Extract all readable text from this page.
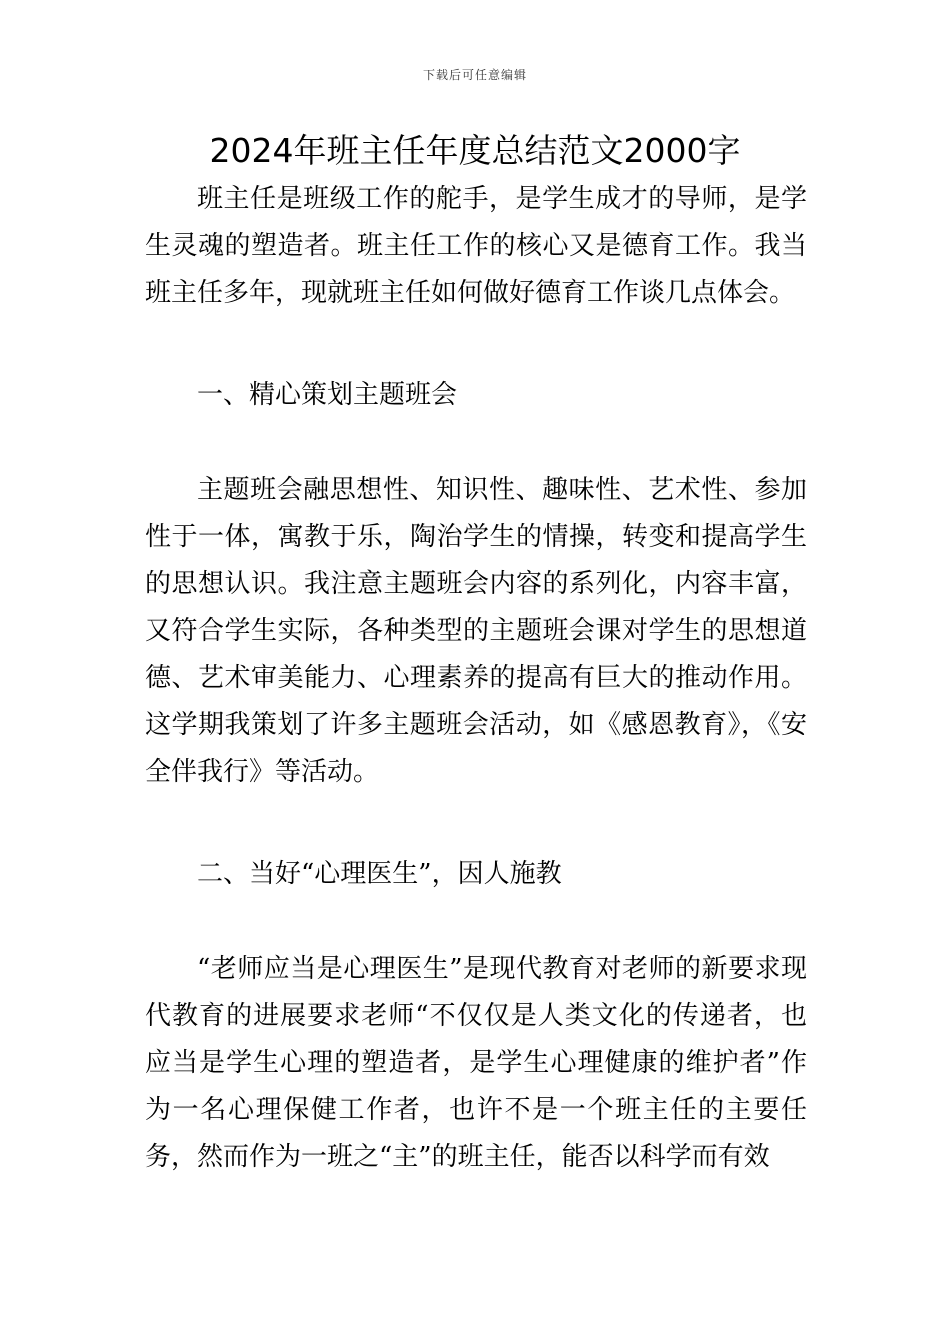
下载后可任意编辑
2024年班主任年度总结范文2000字

班主任是班级工作的舵手，是学生成才的导师，是学生灵魂的塑造者。班主任工作的核心又是德育工作。我当班主任多年，现就班主任如何做好德育工作谈几点体会。

一、精心策划主题班会

主题班会融思想性、知识性、趣味性、艺术性、参加性于一体，寓教于乐，陶治学生的情操，转变和提高学生的思想认识。我注意主题班会内容的系列化，内容丰富，又符合学生实际，各种类型的主题班会课对学生的思想道德、艺术审美能力、心理素养的提高有巨大的推动作用。这学期我策划了许多主题班会活动，如《感恩教育》，《安全伴我行》等活动。

二、当好“心理医生”，因人施教

“老师应当是心理医生”是现代教育对老师的新要求现代教育的进展要求老师“不仅仅是人类文化的传递者，也应当是学生心理的塑造者，是学生心理健康的维护者”作为一名心理保健工作者，也许不是一个班主任的主要任务，然而作为一班之“主”的班主任，能否以科学而有效
